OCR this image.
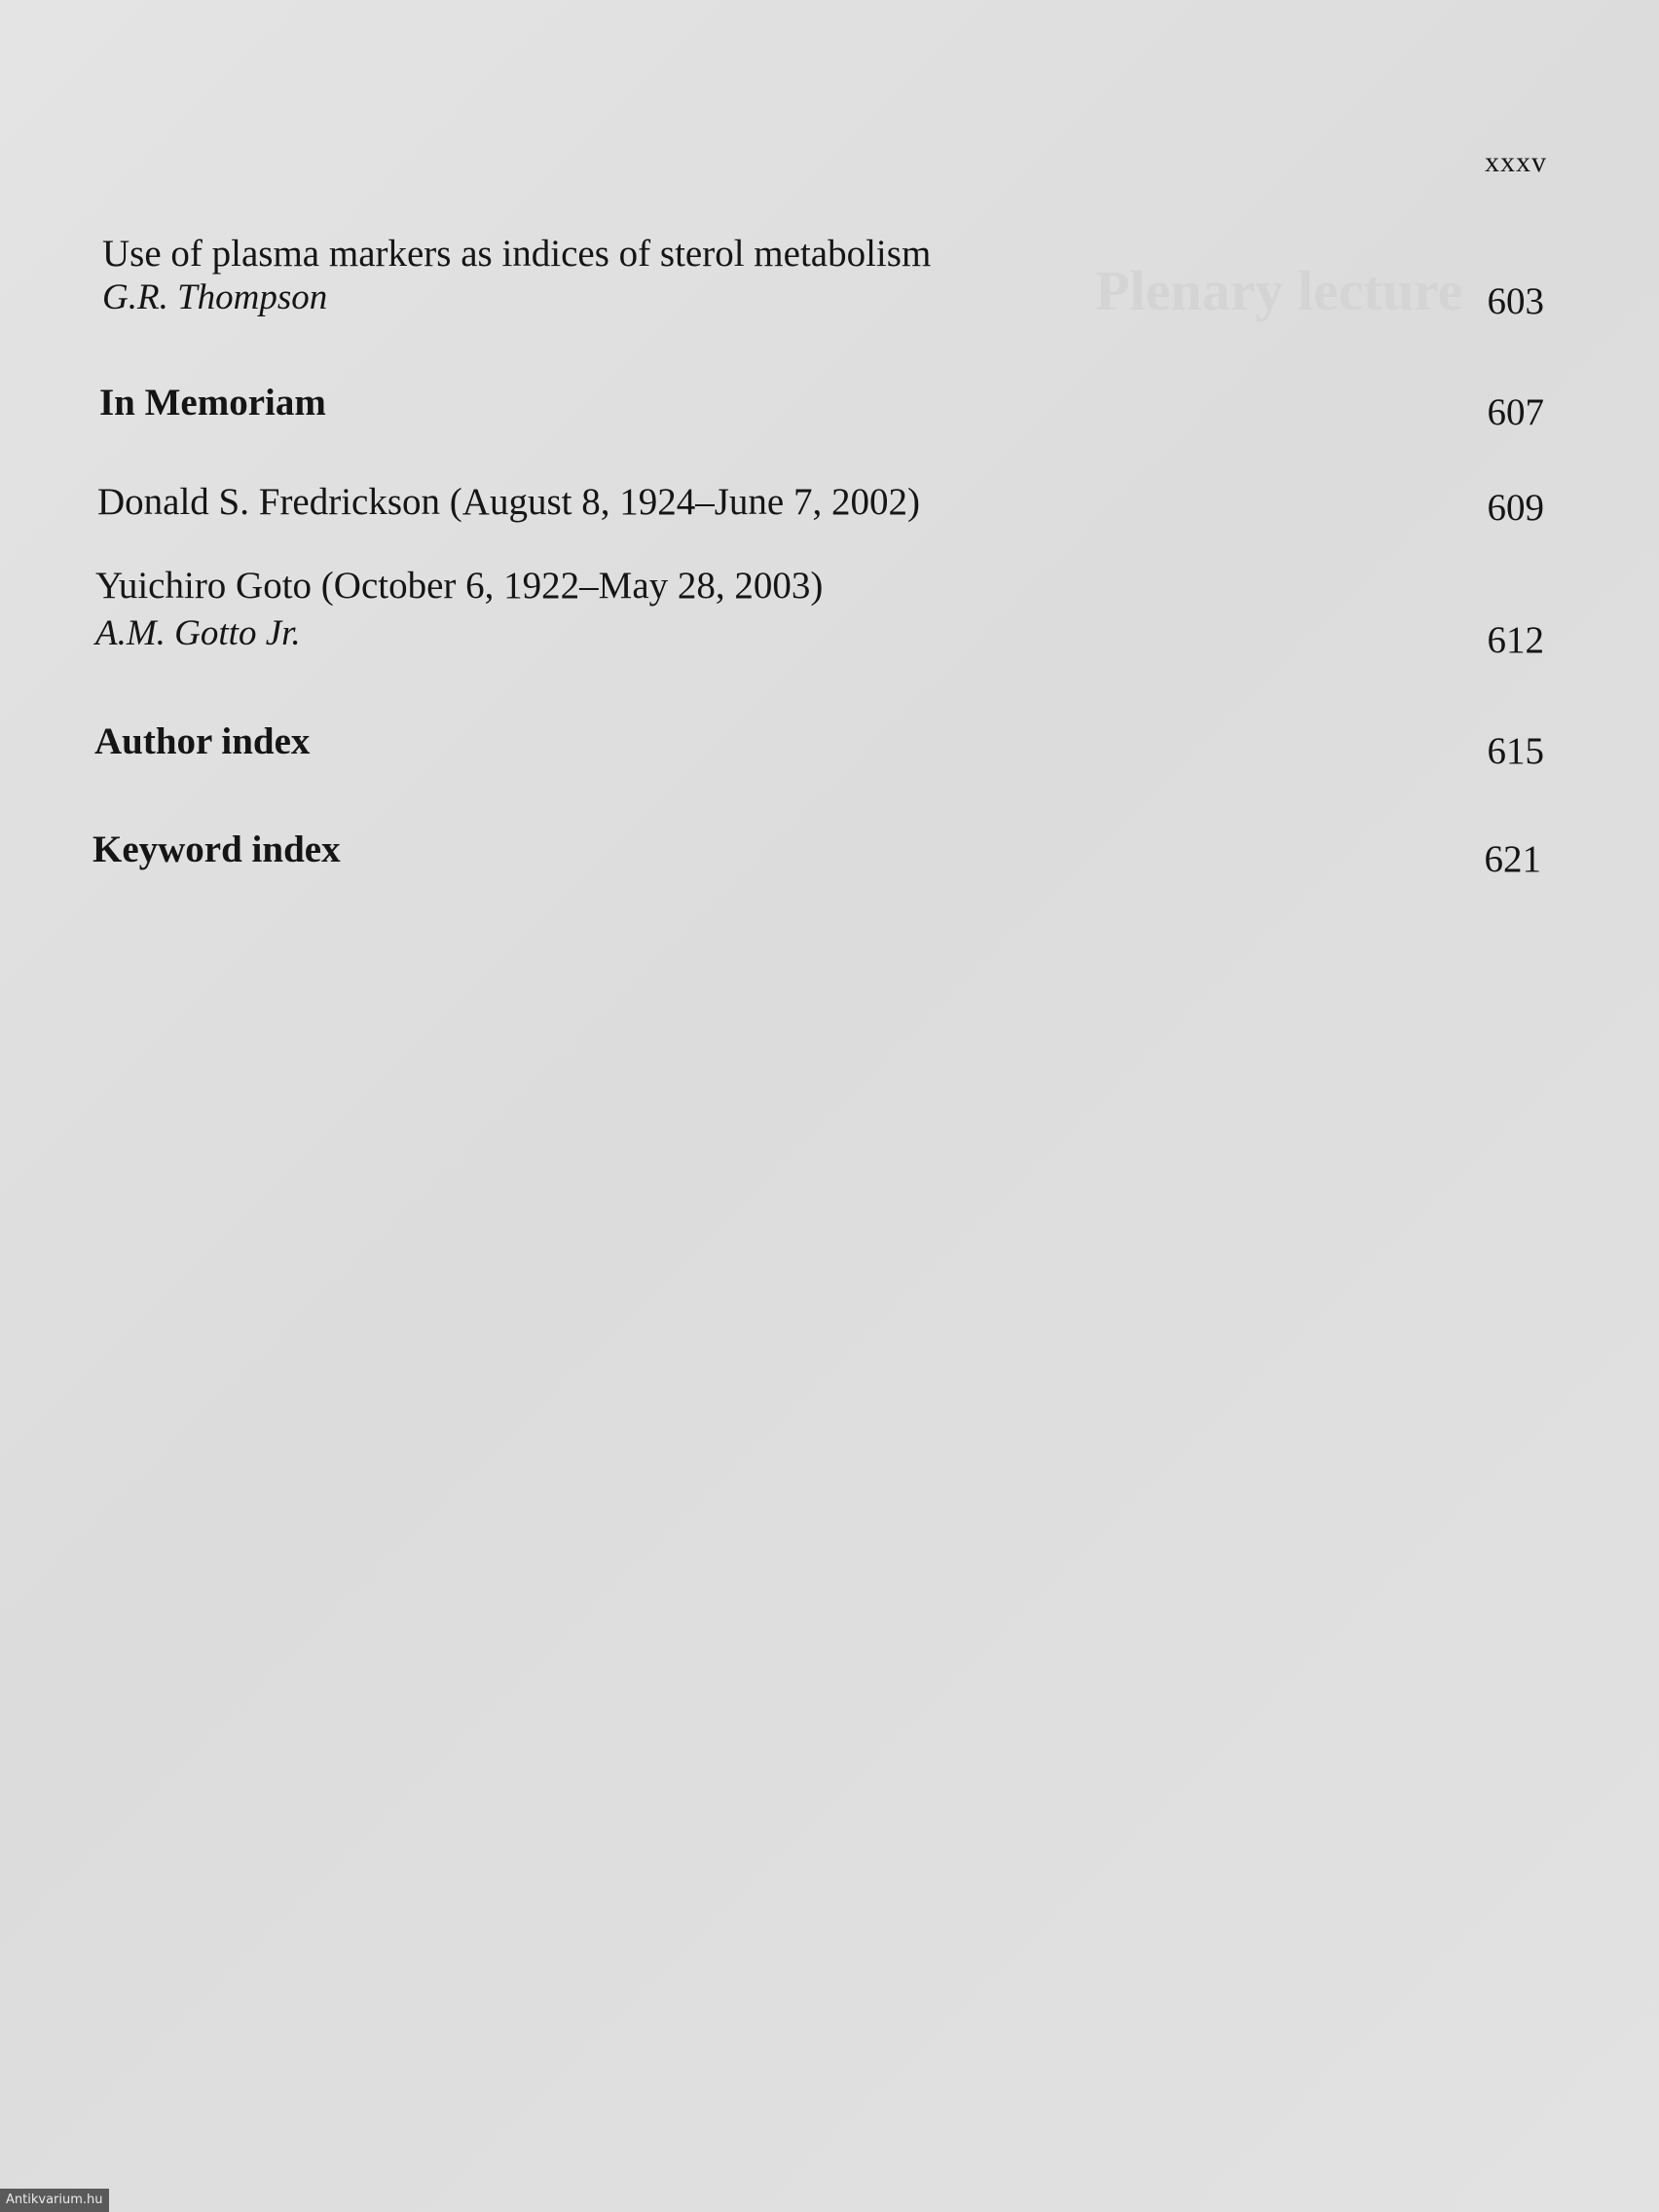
xxxv
Plenary lecture
Use of plasma markers as indices of sterol metabolism
G.R. Thompson	603
In Memoriam	607
Donald S. Fredrickson (August 8, 1924–June 7, 2002)	609
Yuichiro Goto (October 6, 1922–May 28, 2003)
A.M. Gotto Jr.	612
Author index	615
Keyword index	621
Antikvarium.hu
